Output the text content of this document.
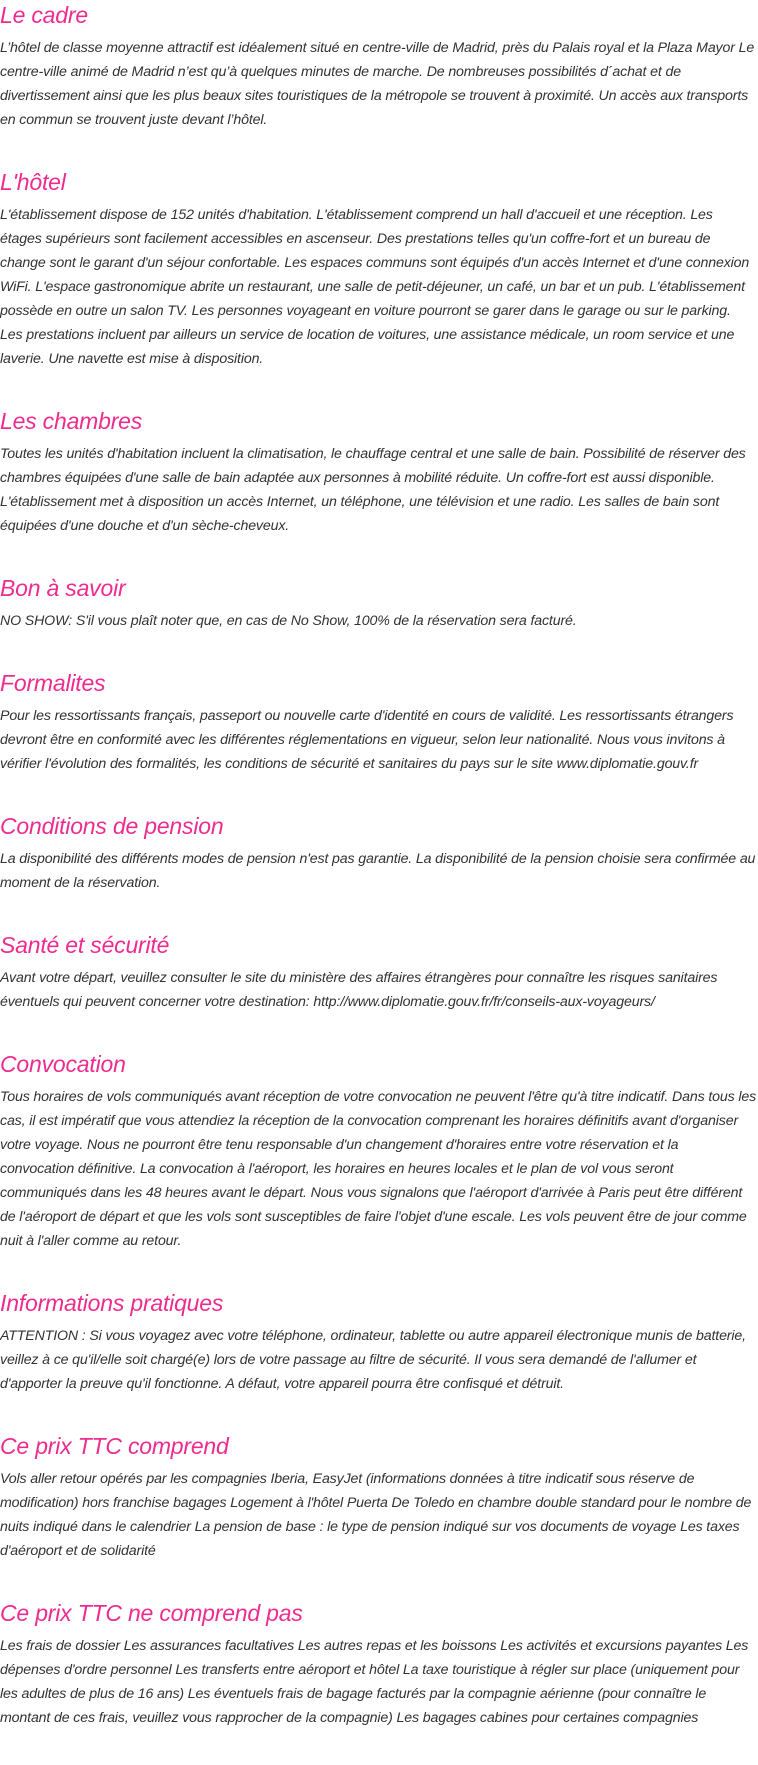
Le cadre

L’hôtel de classe moyenne attractif est idéalement situé en centre-ville de Madrid, près du Palais royal et la Plaza Mayor Le centre-ville animé de Madrid n’est qu’à quelques minutes de marche. De nombreuses possibilités d´achat et de divertissement ainsi que les plus beaux sites touristiques de la métropole se trouvent à proximité. Un accès aux transports en commun se trouvent juste devant l’hôtel.

L'hôtel

L'établissement dispose de 152 unités d'habitation. L'établissement comprend un hall d'accueil et une réception. Les étages supérieurs sont facilement accessibles en ascenseur. Des prestations telles qu'un coffre-fort et un bureau de change sont le garant d'un séjour confortable. Les espaces communs sont équipés d'un accès Internet et d'une connexion WiFi. L'espace gastronomique abrite un restaurant, une salle de petit-déjeuner, un café, un bar et un pub. L'établissement possède en outre un salon TV. Les personnes voyageant en voiture pourront se garer dans le garage ou sur le parking. Les prestations incluent par ailleurs un service de location de voitures, une assistance médicale, un room service et une laverie. Une navette est mise à disposition.

Les chambres

Toutes les unités d'habitation incluent la climatisation, le chauffage central et une salle de bain. Possibilité de réserver des chambres équipées d'une salle de bain adaptée aux personnes à mobilité réduite. Un coffre-fort est aussi disponible. L'établissement met à disposition un accès Internet, un téléphone, une télévision et une radio. Les salles de bain sont équipées d'une douche et d'un sèche-cheveux.

Bon à savoir

NO SHOW: S'il vous plaît noter que, en cas de No Show, 100% de la réservation sera facturé.

Formalites

Pour les ressortissants français, passeport ou nouvelle carte d'identité en cours de validité. Les ressortissants étrangers devront être en conformité avec les différentes réglementations en vigueur, selon leur nationalité. Nous vous invitons à vérifier l'évolution des formalités, les conditions de sécurité et sanitaires du pays sur le site www.diplomatie.gouv.fr

Conditions de pension

La disponibilité des différents modes de pension n'est pas garantie. La disponibilité de la pension choisie sera confirmée au moment de la réservation.

Santé et sécurité

Avant votre départ, veuillez consulter le site du ministère des affaires étrangères pour connaître les risques sanitaires éventuels qui peuvent concerner votre destination: http://www.diplomatie.gouv.fr/fr/conseils-aux-voyageurs/

Convocation

Tous horaires de vols communiqués avant réception de votre convocation ne peuvent l'être qu'à titre indicatif. Dans tous les cas, il est impératif que vous attendiez la réception de la convocation comprenant les horaires définitifs avant d'organiser votre voyage. Nous ne pourront être tenu responsable d'un changement d'horaires entre votre réservation et la convocation définitive. La convocation à l'aéroport, les horaires en heures locales et le plan de vol vous seront communiqués dans les 48 heures avant le départ. Nous vous signalons que l'aéroport d'arrivée à Paris peut être différent de l'aéroport de départ et que les vols sont susceptibles de faire l'objet d'une escale. Les vols peuvent être de jour comme nuit à l'aller comme au retour.

Informations pratiques

ATTENTION : Si vous voyagez avec votre téléphone, ordinateur, tablette ou autre appareil électronique munis de batterie, veillez à ce qu'il/elle soit chargé(e) lors de votre passage au filtre de sécurité. Il vous sera demandé de l'allumer et d'apporter la preuve qu'il fonctionne. A défaut, votre appareil pourra être confisqué et détruit.

Ce prix TTC comprend

Vols aller retour opérés par les compagnies Iberia, EasyJet (informations données à titre indicatif sous réserve de modification) hors franchise bagages Logement à l'hôtel Puerta De Toledo en chambre double standard pour le nombre de nuits indiqué dans le calendrier La pension de base : le type de pension indiqué sur vos documents de voyage Les taxes d'aéroport et de solidarité

Ce prix TTC ne comprend pas

Les frais de dossier Les assurances facultatives Les autres repas et les boissons Les activités et excursions payantes Les dépenses d'ordre personnel Les transferts entre aéroport et hôtel La taxe touristique à régler sur place (uniquement pour les adultes de plus de 16 ans) Les éventuels frais de bagage facturés par la compagnie aérienne (pour connaître le montant de ces frais, veuillez vous rapprocher de la compagnie) Les bagages cabines pour certaines compagnies
